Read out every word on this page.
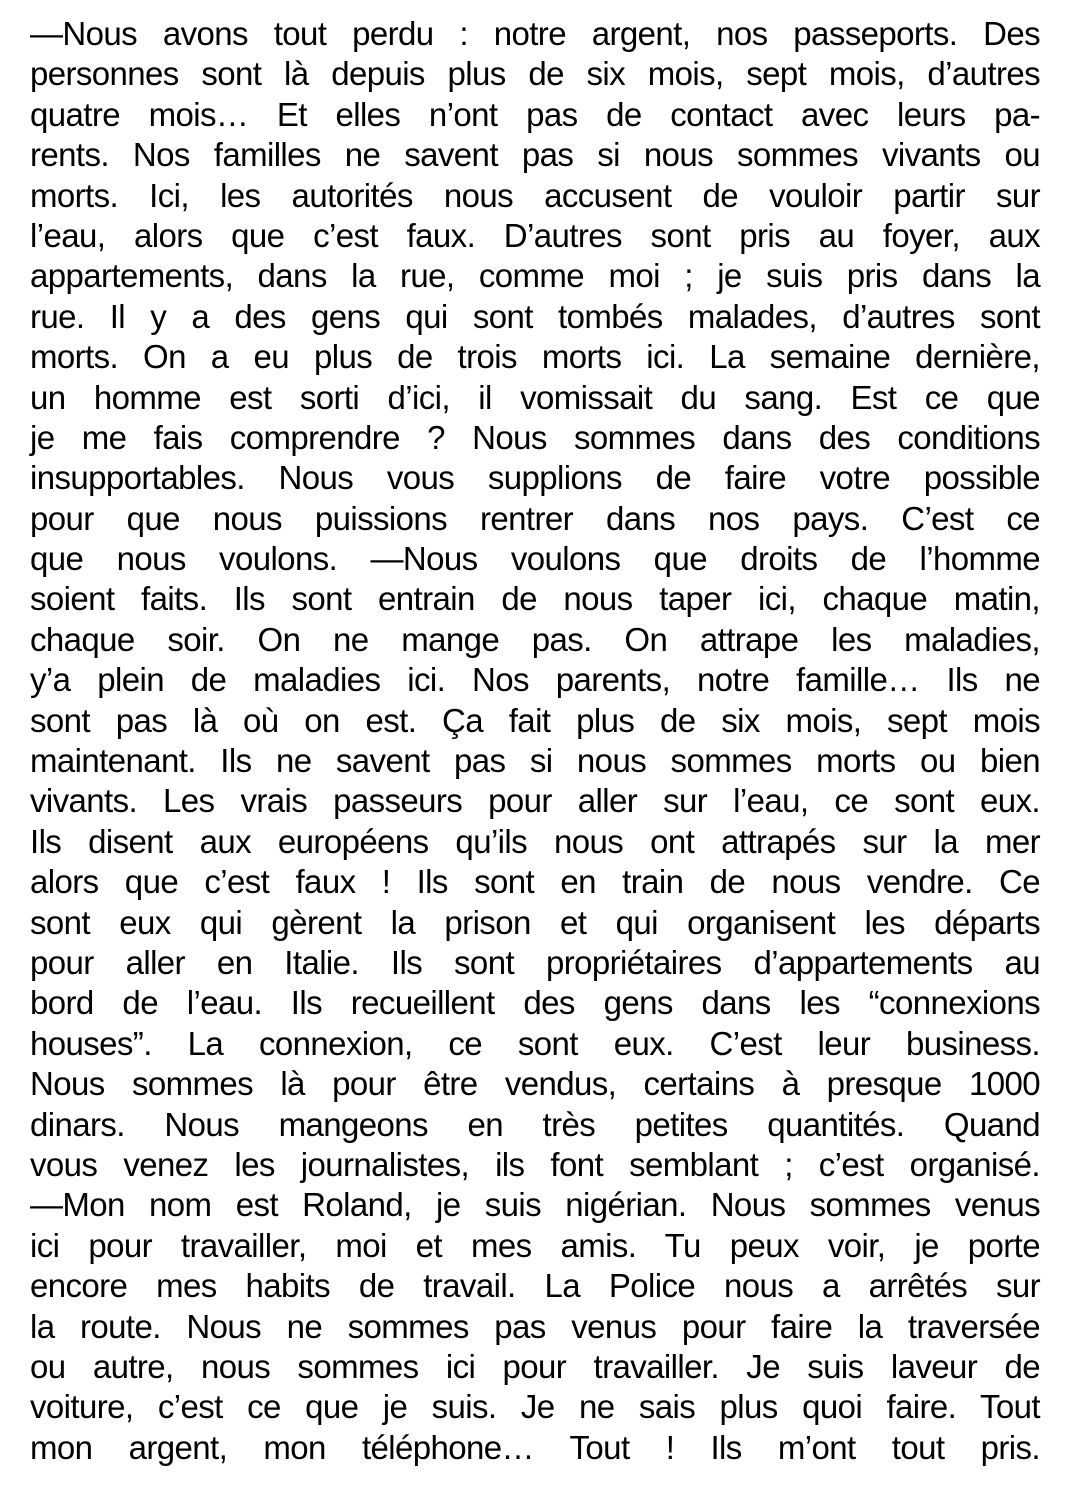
—Nous avons tout perdu : notre argent, nos passeports. Des
personnes sont là depuis plus de six mois, sept mois, d’autres
quatre mois… Et elles n’ont pas de contact avec leurs pa-
rents. Nos familles ne savent pas si nous sommes vivants ou
morts. Ici, les autorités nous accusent de vouloir partir sur
l’eau, alors que c’est faux. D’autres sont pris au foyer, aux
appartements, dans la rue, comme moi ; je suis pris dans la
rue. Il y a des gens qui sont tombés malades, d’autres sont
morts. On a eu plus de trois morts ici. La semaine dernière,
un homme est sorti d’ici, il vomissait du sang. Est ce que
je me fais comprendre ? Nous sommes dans des conditions
insupportables. Nous vous supplions de faire votre possible
pour que nous puissions rentrer dans nos pays. C’est ce
que nous voulons. —Nous voulons que droits de l’homme
soient faits. Ils sont entrain de nous taper ici, chaque matin,
chaque soir. On ne mange pas. On attrape les maladies,
y’a plein de maladies ici. Nos parents, notre famille… Ils ne
sont pas là où on est. Ça fait plus de six mois, sept mois
maintenant. Ils ne savent pas si nous sommes morts ou bien
vivants. Les vrais passeurs pour aller sur l’eau, ce sont eux.
Ils disent aux européens qu’ils nous ont attrapés sur la mer
alors que c’est faux ! Ils sont en train de nous vendre. Ce
sont eux qui gèrent la prison et qui organisent les départs
pour aller en Italie. Ils sont propriétaires d’appartements au
bord de l’eau. Ils recueillent des gens dans les “connexions
houses”. La connexion, ce sont eux. C’est leur business.
Nous sommes là pour être vendus, certains à presque 1000
dinars. Nous mangeons en très petites quantités. Quand
vous venez les journalistes, ils font semblant ; c’est organisé.
—Mon nom est Roland, je suis nigérian. Nous sommes venus
ici pour travailler, moi et mes amis. Tu peux voir, je porte
encore mes habits de travail. La Police nous a arrêtés sur
la route. Nous ne sommes pas venus pour faire la traversée
ou autre, nous sommes ici pour travailler. Je suis laveur de
voiture, c’est ce que je suis. Je ne sais plus quoi faire. Tout
mon argent, mon téléphone… Tout ! Ils m’ont tout pris.
